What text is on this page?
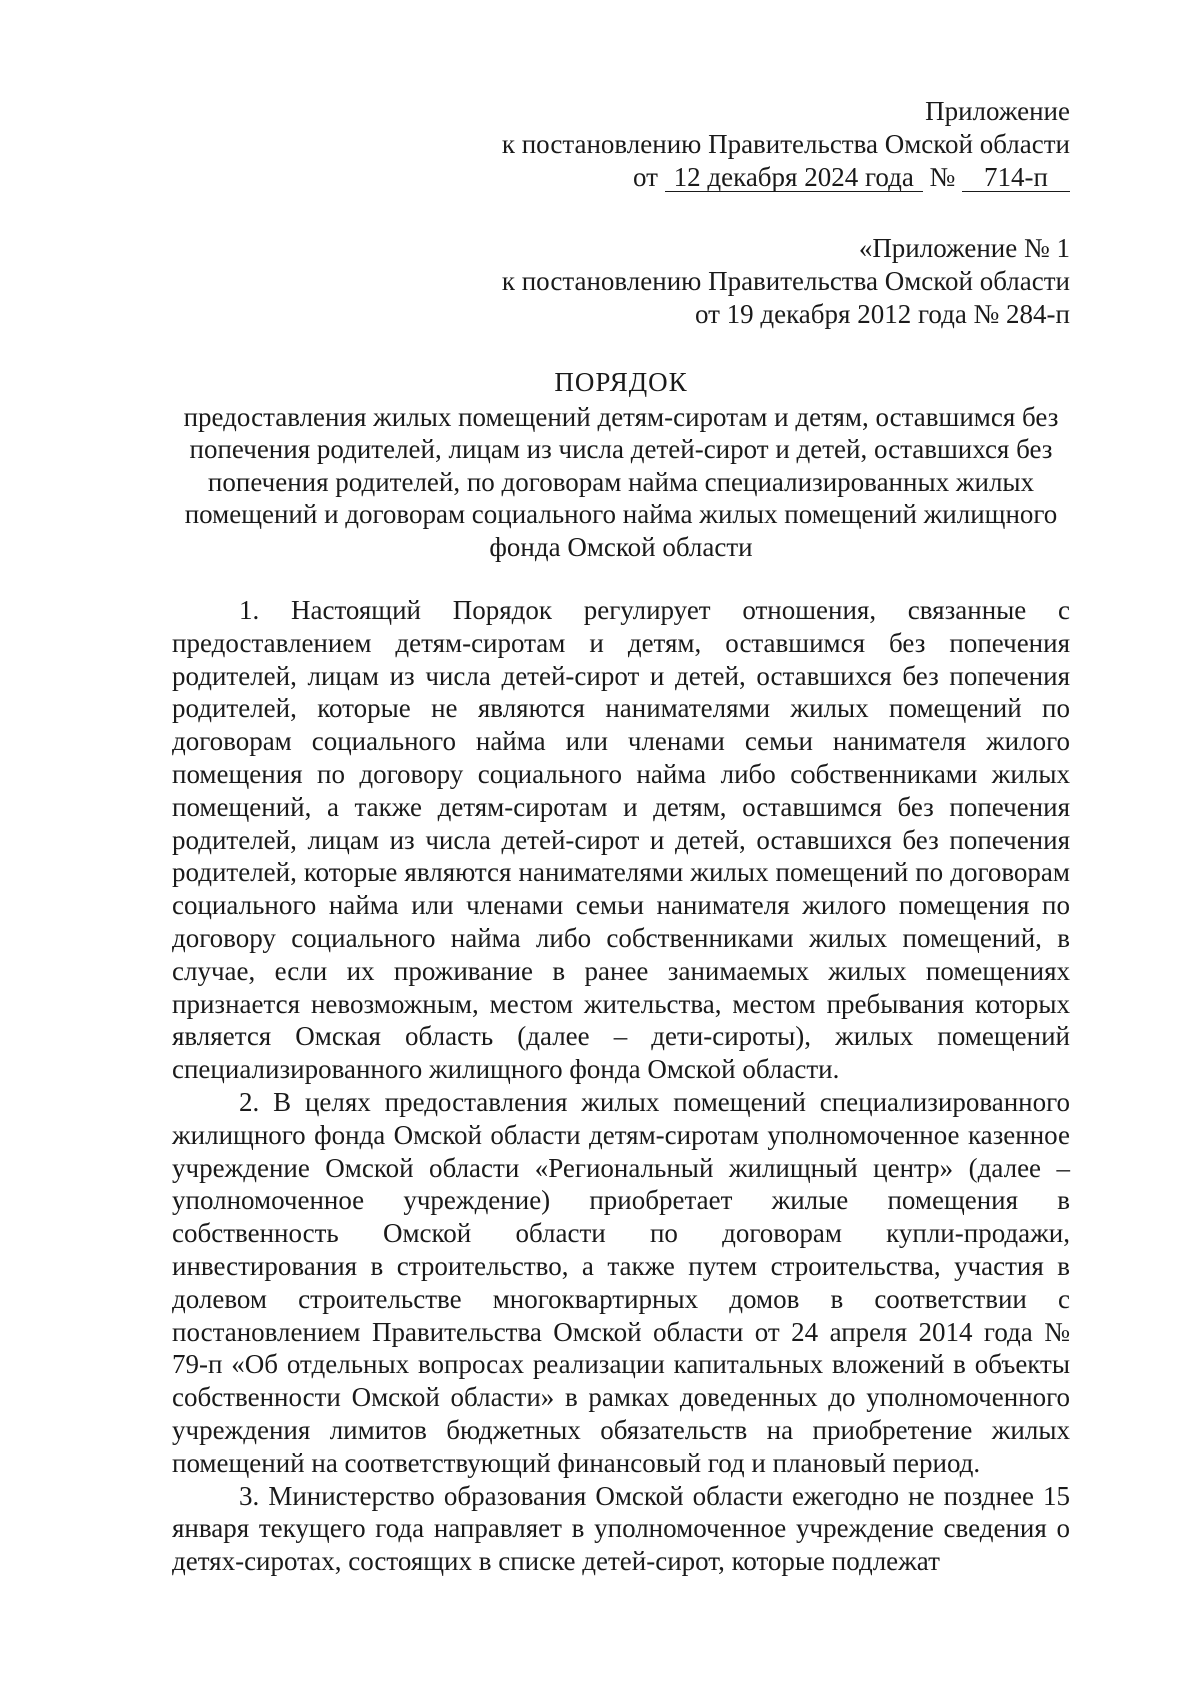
Приложение
к постановлению Правительства Омской области
от 12 декабря 2024 года № 714-п
«Приложение № 1
к постановлению Правительства Омской области
от 19 декабря 2012 года № 284-п
ПОРЯДОК
предоставления жилых помещений детям-сиротам и детям, оставшимся без попечения родителей, лицам из числа детей-сирот и детей, оставшихся без попечения родителей, по договорам найма специализированных жилых помещений и договорам социального найма жилых помещений жилищного фонда Омской области

1. Настоящий Порядок регулирует отношения, связанные с предоставлением детям-сиротам и детям, оставшимся без попечения родителей, лицам из числа детей-сирот и детей, оставшихся без попечения родителей, которые не являются нанимателями жилых помещений по договорам социального найма или членами семьи нанимателя жилого помещения по договору социального найма либо собственниками жилых помещений, а также детям-сиротам и детям, оставшимся без попечения родителей, лицам из числа детей-сирот и детей, оставшихся без попечения родителей, которые являются нанимателями жилых помещений по договорам социального найма или членами семьи нанимателя жилого помещения по договору социального найма либо собственниками жилых помещений, в случае, если их проживание в ранее занимаемых жилых помещениях признается невозможным, местом жительства, местом пребывания которых является Омская область (далее – дети-сироты), жилых помещений специализированного жилищного фонда Омской области.

2. В целях предоставления жилых помещений специализированного жилищного фонда Омской области детям-сиротам уполномоченное казенное учреждение Омской области «Региональный жилищный центр» (далее – уполномоченное учреждение) приобретает жилые помещения в собственность Омской области по договорам купли-продажи, инвестирования в строительство, а также путем строительства, участия в долевом строительстве многоквартирных домов в соответствии с постановлением Правительства Омской области от 24 апреля 2014 года № 79-п «Об отдельных вопросах реализации капитальных вложений в объекты собственности Омской области» в рамках доведенных до уполномоченного учреждения лимитов бюджетных обязательств на приобретение жилых помещений на соответствующий финансовый год и плановый период.

3. Министерство образования Омской области ежегодно не позднее 15 января текущего года направляет в уполномоченное учреждение сведения о детях-сиротах, состоящих в списке детей-сирот, которые подлежат
